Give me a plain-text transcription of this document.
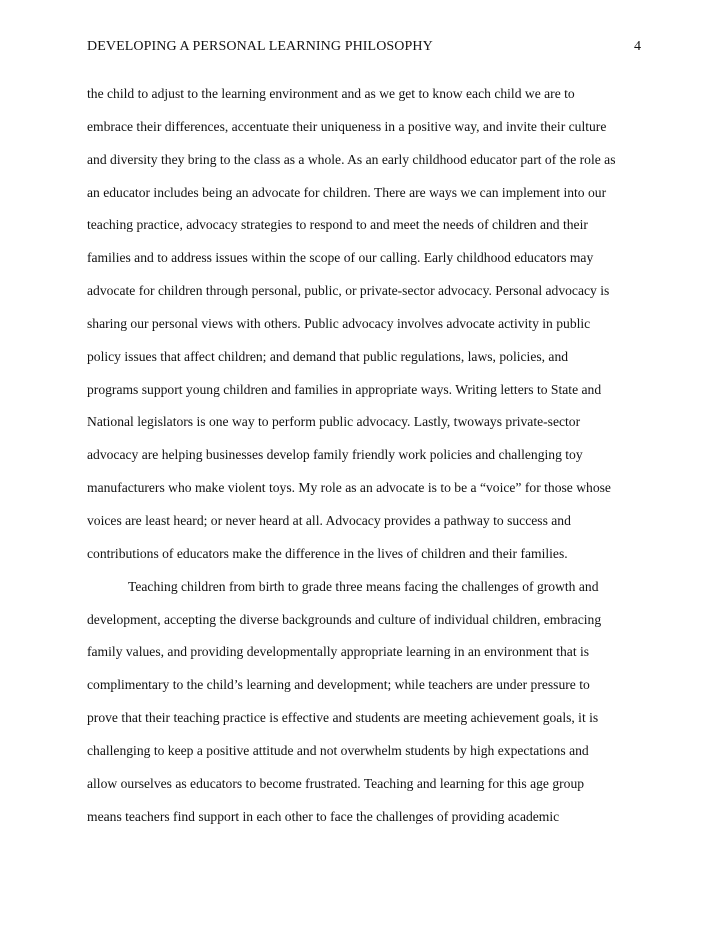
DEVELOPING A PERSONAL LEARNING PHILOSOPHY	4
the child to adjust to the learning environment and as we get to know each child we are to
embrace their differences, accentuate their uniqueness in a positive way, and invite their culture
and diversity they bring to the class as a whole. As an early childhood educator part of the role as
an educator includes being an advocate for children. There are ways we can implement into our
teaching practice, advocacy strategies to respond to and meet the needs of children and their
families and to address issues within the scope of our calling. Early childhood educators may
advocate for children through personal, public, or private-sector advocacy. Personal advocacy is
sharing our personal views with others. Public advocacy involves advocate activity in public
policy issues that affect children; and demand that public regulations, laws, policies, and
programs support young children and families in appropriate ways. Writing letters to State and
National legislators is one way to perform public advocacy. Lastly, twoways private-sector
advocacy are helping businesses develop family friendly work policies and challenging toy
manufacturers who make violent toys. My role as an advocate is to be a “voice” for those whose
voices are least heard; or never heard at all. Advocacy provides a pathway to success and
contributions of educators make the difference in the lives of children and their families.
Teaching children from birth to grade three means facing the challenges of growth and
development, accepting the diverse backgrounds and culture of individual children, embracing
family values, and providing developmentally appropriate learning in an environment that is
complimentary to the child’s learning and development; while teachers are under pressure to
prove that their teaching practice is effective and students are meeting achievement goals, it is
challenging to keep a positive attitude and not overwhelm students by high expectations and
allow ourselves as educators to become frustrated. Teaching and learning for this age group
means teachers find support in each other to face the challenges of providing academic
